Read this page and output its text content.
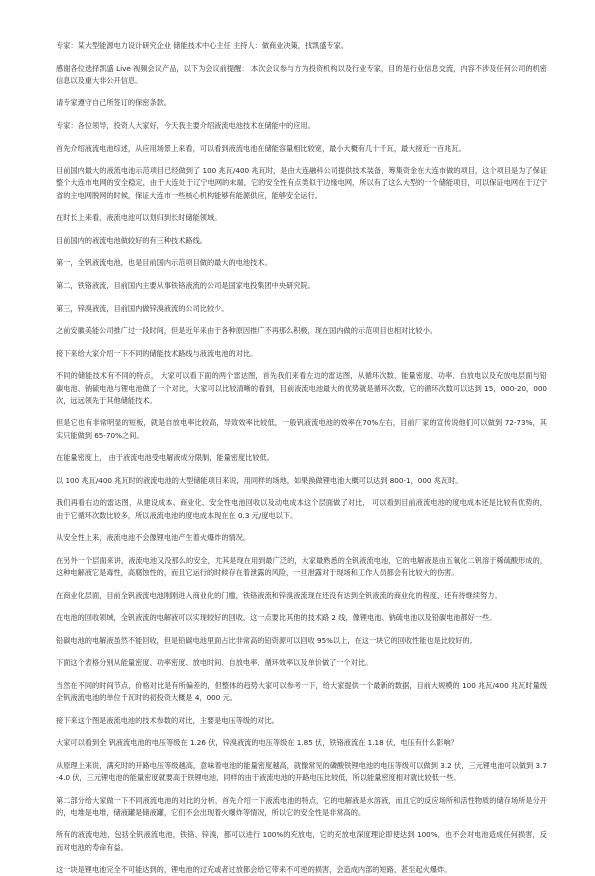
专家：某大型能源电力设计研究企业 储能技术中心主任 主持人：做商业决策，找凯盛专家。

感谢各位选择凯盛 Live 视频会议产品，以下为会议前提醒： 本次会议参与方为投资机构以及行业专家，目的是行业信息交流，内容不涉及任何公司的机密信息以及重大非公开信息。

请专家遵守自己所签订的保密条款。

专家：各位领导，投资人大家好，今天我主要介绍液流电池技术在储能中的应用。

首先介绍液流电池综述，从应用场景上来看，可以看到液流电池在储能容量相比较宽，最小大概有几十千瓦，最大接近一百兆瓦。

目前国内最大的液流电池示范项目已经做到了 100 兆瓦/400 兆瓦时，是由大连融科公司提供技术装备，筹集资金在大连市做的项目，这个项目是为了保证整个大连市电网的安全稳定，由于大连处于辽宁电网的末端，它的安全性有点类似于边缘电网，所以有了这么大型的一个储能项目，可以保证电网在于辽宁省的主电网脱网的时候，保证大连市一些核心机构能够有能源供应，能够安全运行。

在时长上来看，液流电池可以划归到长时储能领域。

目前国内的液流电池做较好的有三种技术路线。

第一，全钒液流电池，也是目前国内示范项目做的最大的电池技术。

第二，铁铬液流，目前国内主要从事铁铬液流的公司是国家电投集团中央研究院。

第三，锌溴液流，目前国内做锌溴液流的公司比较少。

之前安徽美能公司推广过一段时间，但是近年来由于各种原因推广不再那么积极，现在国内做的示范项目也相对比较小。

接下来给大家介绍一下不同的储能技术路线与液流电池的对比。

不同的储能技术有不同的特点， 大家可以看下面的两个雷达图，首先我们来看左边的雷达图，从循环次数、能量密度、功率、自放电以及充放电层面与铅碳电池、钠硫电池与锂电池做了一个对比，大家可以比较清晰的看到，目前液流电池最大的优势就是循环次数，它的循环次数可以达到 15，000-20，000 次，远远领先于其他储能技术。

但是它也有非常明显的短板，就是自放电率比较高，导致效率比较低，一般钒液流电池的效率在70%左右，目前厂家的宣传说他们可以做到 72-73%，其实只能做到 65-70%之间。

在能量密度上， 由于液流电池受电解液成分限制，能量密度比较低。

以 100 兆瓦/400 兆瓦时的液流电池的大型储能项目来说，用同样的场地，如果换做锂电池大概可以达到 800-1，000 兆瓦时。

我们再看右边的雷达图，从建设成本、商业化、安全性电池回收以及动电成本这个层面做了对比， 可以看到目前液流电池的度电成本还是比较有优势的，由于它循环次数比较多，所以液流电池的度电成本现在在 0.3 元/度电以下。

从安全性上来，液流电池不会像锂电池产生着火爆炸的情况。

在另外一个层面来讲，液流电池又没那么的安全，尤其是现在用到最广泛的，大家最熟悉的全钒液流电池，它的电解液是由五氧化二钒溶于稀硫酸形成的，这种电解液它是毒性，高腐蚀性的，而且它运行的时候存在着泄露的风险，一旦泄露对于现场和工作人员都会有比较大的伤害。

在商业化层面，目前全钒液流电池刚刚进入商业化的门槛，铁铬液流和锌溴液流现在还没有达到全钒液流的商业化的程度，还有待继续努力。

在电池的回收领域，全钒液流的电解液可以实现较好的回收，这一点要比其他的技术路 2 线，像锂电池、钠硫电池以及铅碳电池都好一些。

铅碳电池的电解液虽然不能回收，但是铅碳电池里面占比非常高的铅资源可以回收 95%以上，在这一块它的回收性能也是比较好的。

下面这个表格分别从能量密度、功率密度、放电时间、自放电率、循环效率以及单价做了一个对比。

当然在不同的时间节点，价格对比是有所偏差的，但整体的趋势大家可以参考一下，给大家提供一个最新的数据，目前大规模的 100 兆瓦/400 兆瓦时量级全钒液流电池的单位千瓦时的初投资大概是 4，000 元。

接下来这个图是液流电池的技术参数的对比，主要是电压等级的对比。

大家可以看到全 钒液流电池的电压等级在 1.26 伏，锌溴液流的电压等级在 1.85 伏，铁铬液流在 1.18 伏，电压有什么影响？

从原理上来说，满充时的开路电压等级越高，意味着电池的能量密度越高，就像常见的磷酸铁锂电池的电压等级可以做到 3.2 伏，三元锂电池可以做到 3.7-4.0 伏，三元锂电池的能量密度就要高于铁锂电池，同样的由于液流电池的开路电压比较低，所以能量密度相对就比较低一些。

第二部分给大家做一下不同液流电池的对比的分析，首先介绍一下液流电池的特点，它的电解液是水溶液，而且它的反应场所和活性物质的储存场所是分开的，电堆是电堆，储液罐是储液罐，它们不会出现着火爆炸等情况，所以它的安全性是非常高的。

所有的液流电池，包括全钒液流电池，铁铬、锌溴，都可以进行 100%的充放电，它的充放电深度理论即使达到 100%，也不会对电池造成任何损害，反而对电池的寿命有益。

这一块是锂电池完全不可能达到的，锂电池的过充或者过放都会给它带来不可逆的损害，会造成内部的短路，甚至起火爆炸。
